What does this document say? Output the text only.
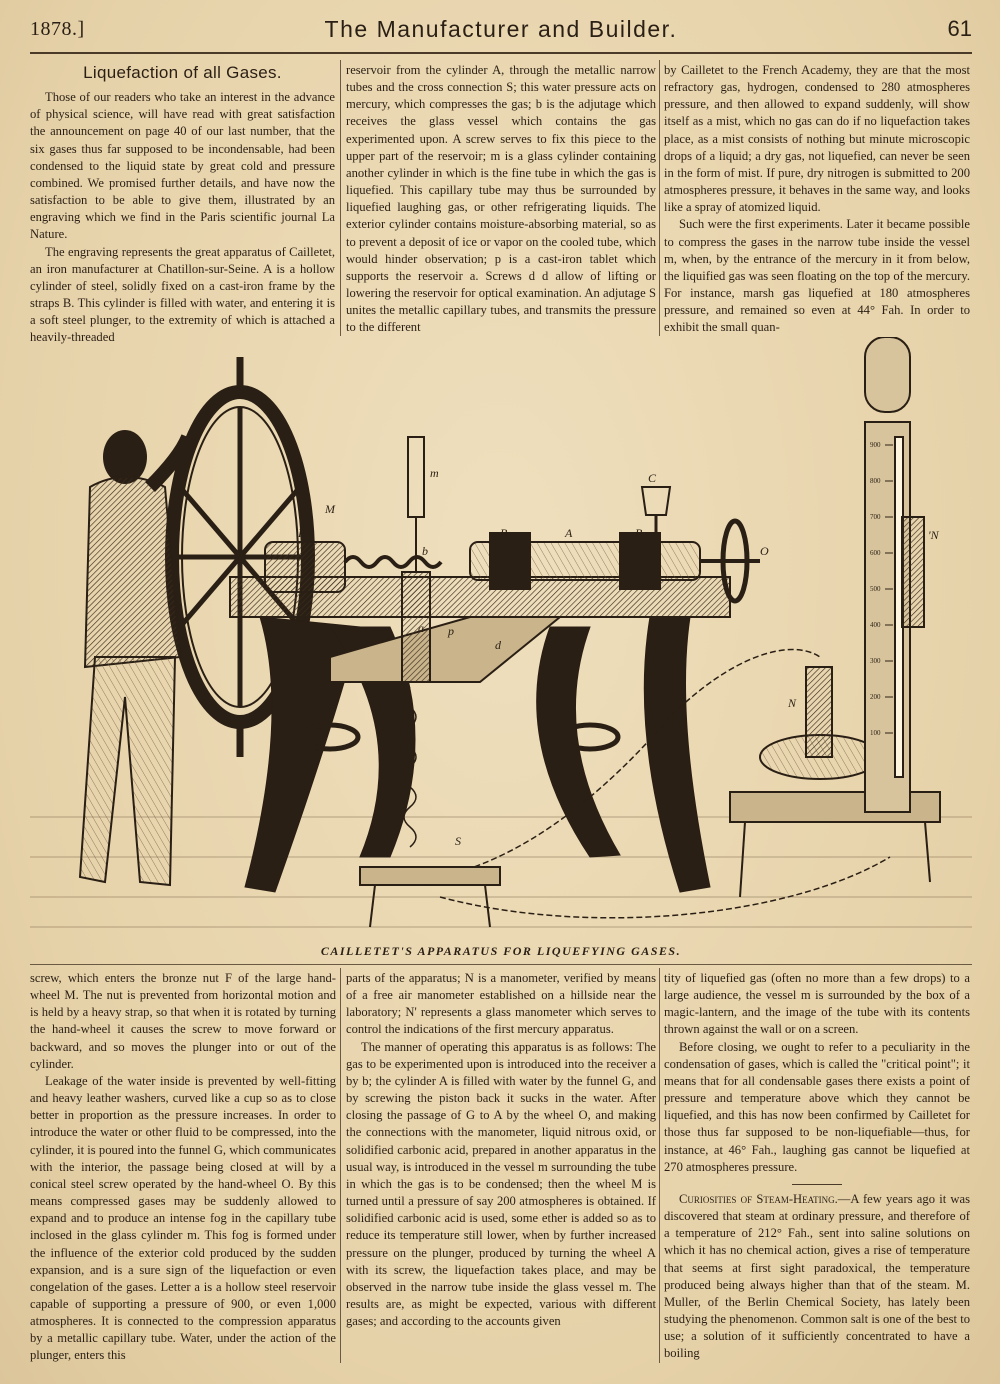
1878.]	The Manufacturer and Builder.	61
Liquefaction of all Gases.

Those of our readers who take an interest in the advance of physical science, will have read with great satisfaction the announcement on page 40 of our last number, that the six gases thus far supposed to be incondensable, had been condensed to the liquid state by great cold and pressure combined. We promised further details, and have now the satisfaction to be able to give them, illustrated by an engraving which we find in the Paris scientific journal La Nature.

The engraving represents the great apparatus of Cailletet, an iron manufacturer at Chatillon-sur-Seine. A is a hollow cylinder of steel, solidly fixed on a cast-iron frame by the straps B. This cylinder is filled with water, and entering it is a soft steel plunger, to the extremity of which is attached a heavily-threaded

reservoir from the cylinder A, through the metallic narrow tubes and the cross connection S; this water pressure acts on mercury, which compresses the gas; b is the adjutage which receives the glass vessel which contains the gas experimented upon. A screw serves to fix this piece to the upper part of the reservoir; m is a glass cylinder containing another cylinder in which is the fine tube in which the gas is liquefied. This capillary tube may thus be surrounded by liquefied laughing gas, or other refrigerating liquids. The exterior cylinder contains moisture-absorbing material, so as to prevent a deposit of ice or vapor on the cooled tube, which would hinder observation; p is a cast-iron tablet which supports the reservoir a. Screws d d allow of lifting or lowering the reservoir for optical examination. An adjutage S unites the metallic capillary tubes, and transmits the pressure to the different

by Cailletet to the French Academy, they are that the most refractory gas, hydrogen, condensed to 280 atmospheres pressure, and then allowed to expand suddenly, will show itself as a mist, which no gas can do if no liquefaction takes place, as a mist consists of nothing but minute microscopic drops of a liquid; a dry gas, not liquefied, can never be seen in the form of mist. If pure, dry nitrogen is submitted to 200 atmospheres pressure, it behaves in the same way, and looks like a spray of atomized liquid.

Such were the first experiments. Later it became possible to compress the gases in the narrow tube inside the vessel m, when, by the entrance of the mercury in it from below, the liquified gas was seen floating on the top of the mercury. For instance, marsh gas liquefied at 180 atmospheres pressure, and remained so even at 44° Fah. In order to exhibit the small quan-

M
F
m
b
B	A	B
C
O
a p
d
N
'N
S
900
800
700
600
500
400
300
200
100
CAILLETET'S APPARATUS FOR LIQUEFYING GASES.

screw, which enters the bronze nut F of the large hand-wheel M. The nut is prevented from horizontal motion and is held by a heavy strap, so that when it is rotated by turning the hand-wheel it causes the screw to move forward or backward, and so moves the plunger into or out of the cylinder.

Leakage of the water inside is prevented by well-fitting and heavy leather washers, curved like a cup so as to close better in proportion as the pressure increases. In order to introduce the water or other fluid to be compressed, into the cylinder, it is poured into the funnel G, which communicates with the interior, the passage being closed at will by a conical steel screw operated by the hand-wheel O. By this means compressed gases may be suddenly allowed to expand and to produce an intense fog in the capillary tube inclosed in the glass cylinder m. This fog is formed under the influence of the exterior cold produced by the sudden expansion, and is a sure sign of the liquefaction or even congelation of the gases. Letter a is a hollow steel reservoir capable of supporting a pressure of 900, or even 1,000 atmospheres. It is connected to the compression apparatus by a metallic capillary tube. Water, under the action of the plunger, enters this

parts of the apparatus; N is a manometer, verified by means of a free air manometer established on a hillside near the laboratory; N' represents a glass manometer which serves to control the indications of the first mercury apparatus.

The manner of operating this apparatus is as follows: The gas to be experimented upon is introduced into the receiver a by b; the cylinder A is filled with water by the funnel G, and by screwing the piston back it sucks in the water. After closing the passage of G to A by the wheel O, and making the connections with the manometer, liquid nitrous oxid, or solidified carbonic acid, prepared in another apparatus in the usual way, is introduced in the vessel m surrounding the tube in which the gas is to be condensed; then the wheel M is turned until a pressure of say 200 atmospheres is obtained. If solidified carbonic acid is used, some ether is added so as to reduce its temperature still lower, when by further increased pressure on the plunger, produced by turning the wheel A with its screw, the liquefaction takes place, and may be observed in the narrow tube inside the glass vessel m. The results are, as might be expected, various with different gases; and according to the accounts given

tity of liquefied gas (often no more than a few drops) to a large audience, the vessel m is surrounded by the box of a magic-lantern, and the image of the tube with its contents thrown against the wall or on a screen.

Before closing, we ought to refer to a peculiarity in the condensation of gases, which is called the "critical point"; it means that for all condensable gases there exists a point of pressure and temperature above which they cannot be liquefied, and this has now been confirmed by Cailletet for those thus far supposed to be non-liquefiable—thus, for instance, at 46° Fah., laughing gas cannot be liquefied at 270 atmospheres pressure.

Curiosities of Steam-Heating.—A few years ago it was discovered that steam at ordinary pressure, and therefore of a temperature of 212° Fah., sent into saline solutions on which it has no chemical action, gives a rise of temperature that seems at first sight paradoxical, the temperature produced being always higher than that of the steam. M. Muller, of the Berlin Chemical Society, has lately been studying the phenomenon. Common salt is one of the best to use; a solution of it sufficiently concentrated to have a boiling
